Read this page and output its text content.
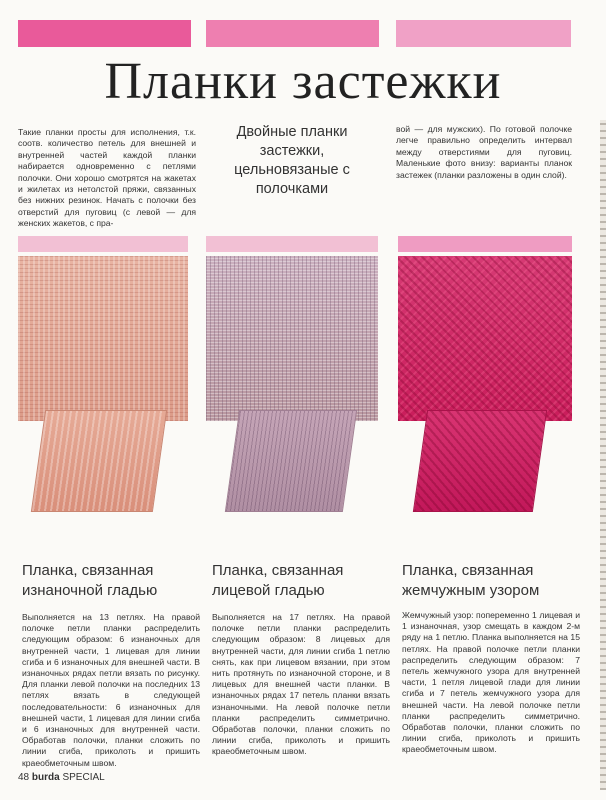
Планки застежки
Такие планки просты для исполнения, т.к. соотв. количество петель для внешней и внутренней частей каждой планки набирается одновременно с петлями полочки. Они хорошо смотрятся на жакетах и жилетах из нетолстой пряжи, связанных без нижних резинок. Начать с полочки без отверстий для пуговиц (с левой — для женских жакетов, с пра-
Двойные планки застежки, цельновязаные с полочками
вой — для мужских). По готовой полочке легче правильно определить интервал между отверстиями для пуговиц. Маленькие фото внизу: варианты планок застежек (планки разложены в один слой).
Планка, связанная изнаночной гладью
Планка, связанная лицевой гладью
Планка, связанная жемчужным узором
Выполняется на 13 петлях. На правой полочке петли планки распределить следующим образом: 6 изнаночных для внутренней части, 1 лицевая для линии сгиба и 6 изнаночных для внешней части. В изнаночных рядах петли вязать по рисунку. Для планки левой полочки на последних 13 петлях вязать в следующей последовательности: 6 изнаночных для внешней части, 1 лицевая для линии сгиба и 6 изнаночных для внутренней части. Обработав полочки, планки сложить по линии сгиба, приколоть и пришить краеобметочным швом.
Выполняется на 17 петлях. На правой полочке петли планки распределить следующим образом: 8 лицевых для внутренней части, для линии сгиба 1 петлю снять, как при лицевом вязании, при этом нить протянуть по изнаночной стороне, и 8 лицевых для внешней части планки. В изнаночных рядах 17 петель планки вязать изнаночными. На левой полочке петли планки распределить симметрично. Обработав полочки, планки сложить по линии сгиба, приколоть и пришить краеобметочным швом.
Жемчужный узор: попеременно 1 лицевая и 1 изнаночная, узор смещать в каждом 2-м ряду на 1 петлю. Планка выполняется на 15 петлях. На правой полочке петли планки распределить следующим образом: 7 петель жемчужного узора для внутренней части, 1 петля лицевой глади для линии сгиба и 7 петель жемчужного узора для внешней части. На левой полочке петли планки распределить симметрично. Обработав полочки, планки сложить по линии сгиба, приколоть и пришить краеобметочным швом.
48 burda SPECIAL
